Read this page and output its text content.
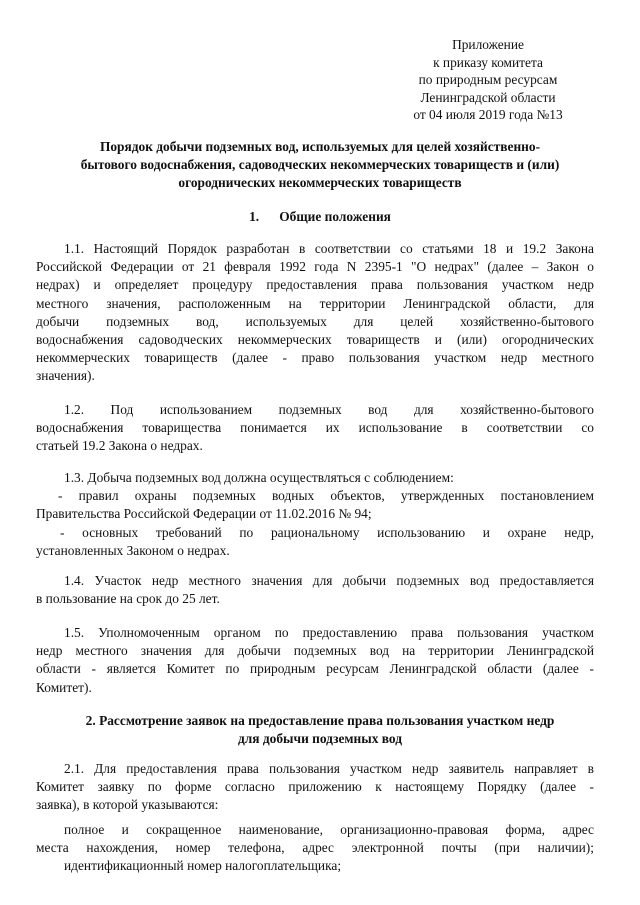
Приложение
к приказу комитета
по природным ресурсам
Ленинградской области
от 04 июля 2019 года №13
Порядок добычи подземных вод, используемых для целей хозяйственно-
бытового водоснабжения, садоводческих некоммерческих товариществ и (или)
огороднических некоммерческих товариществ
1.      Общие положения
1.1. Настоящий Порядок разработан в соответствии со статьями 18 и 19.2 Закона
Российской Федерации от 21 февраля 1992 года N 2395-1 "О недрах" (далее – Закон о
недрах) и определяет процедуру предоставления права пользования участком недр
местного значения, расположенным на территории Ленинградской области, для
добычи подземных вод, используемых для целей хозяйственно-бытового
водоснабжения садоводческих некоммерческих товариществ и (или) огороднических
некоммерческих товариществ (далее - право пользования участком недр местного
значения).
1.2. Под использованием подземных вод для хозяйственно-бытового
водоснабжения товарищества понимается их использование в соответствии со
статьей 19.2 Закона о недрах.
1.3. Добыча подземных вод должна осуществляться с соблюдением:
- правил охраны подземных водных объектов, утвержденных постановлением
Правительства Российской Федерации от 11.02.2016 № 94;
- основных требований по рациональному использованию и охране недр,
установленных Законом о недрах.
1.4. Участок недр местного значения для добычи подземных вод предоставляется
в пользование на срок до 25 лет.
1.5. Уполномоченным органом по предоставлению права пользования участком
недр местного значения для добычи подземных вод на территории Ленинградской
области - является Комитет по природным ресурсам Ленинградской области (далее -
Комитет).
2. Рассмотрение заявок на предоставление права пользования участком недр
для добычи подземных вод
2.1. Для предоставления права пользования участком недр заявитель направляет в
Комитет заявку по форме согласно приложению к настоящему Порядку (далее -
заявка), в которой указываются:
полное и сокращенное наименование, организационно-правовая форма, адрес
места нахождения, номер телефона, адрес электронной почты (при наличии);
идентификационный номер налогоплательщика;
